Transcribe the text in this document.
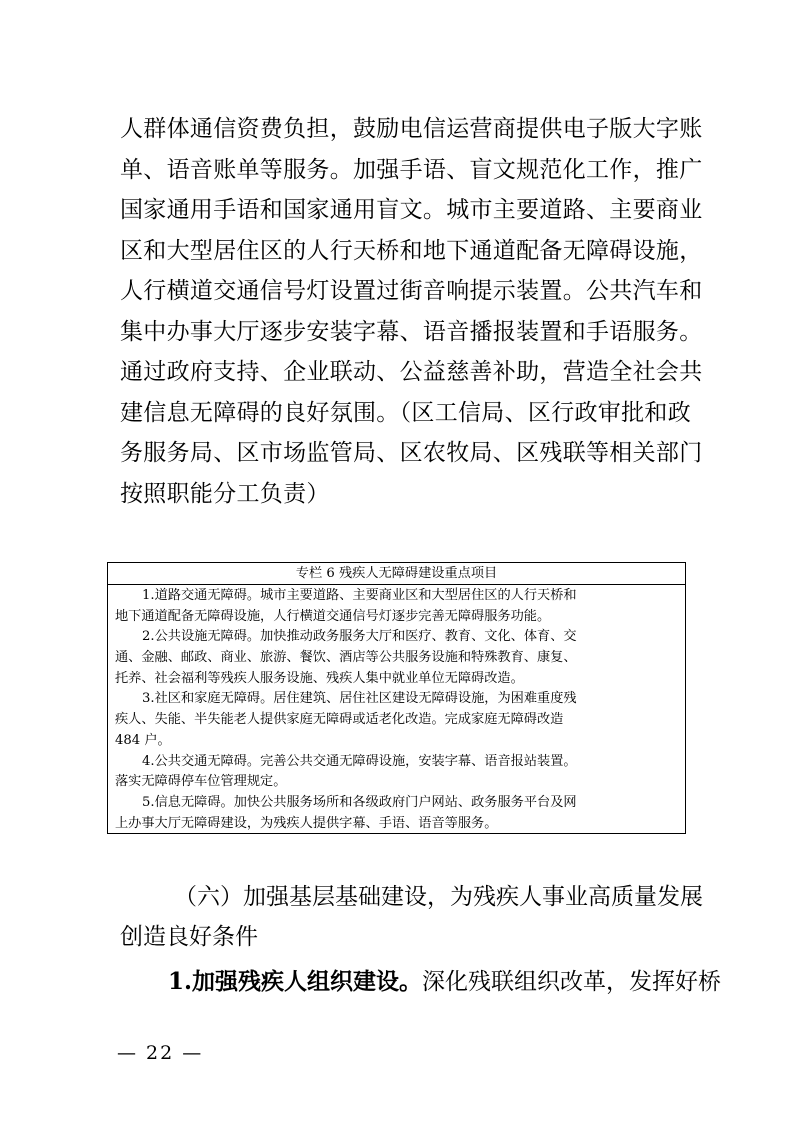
人群体通信资费负担，鼓励电信运营商提供电子版大字账
单、语音账单等服务。加强手语、盲文规范化工作，推广
国家通用手语和国家通用盲文。城市主要道路、主要商业
区和大型居住区的人行天桥和地下通道配备无障碍设施，
人行横道交通信号灯设置过街音响提示装置。公共汽车和
集中办事大厅逐步安装字幕、语音播报装置和手语服务。
通过政府支持、企业联动、公益慈善补助，营造全社会共
建信息无障碍的良好氛围。（区工信局、区行政审批和政
务服务局、区市场监管局、区农牧局、区残联等相关部门
按照职能分工负责）
专栏 6 残疾人无障碍建设重点项目
1.道路交通无障碍。城市主要道路、主要商业区和大型居住区的人行天桥和
地下通道配备无障碍设施，人行横道交通信号灯逐步完善无障碍服务功能。
2.公共设施无障碍。加快推动政务服务大厅和医疗、教育、文化、体育、交
通、金融、邮政、商业、旅游、餐饮、酒店等公共服务设施和特殊教育、康复、
托养、社会福利等残疾人服务设施、残疾人集中就业单位无障碍改造。
3.社区和家庭无障碍。居住建筑、居住社区建设无障碍设施，为困难重度残
疾人、失能、半失能老人提供家庭无障碍或适老化改造。完成家庭无障碍改造
484 户。
4.公共交通无障碍。完善公共交通无障碍设施，安装字幕、语音报站装置。
落实无障碍停车位管理规定。
5.信息无障碍。加快公共服务场所和各级政府门户网站、政务服务平台及网
上办事大厅无障碍建设，为残疾人提供字幕、手语、语音等服务。
（六）加强基层基础建设，为残疾人事业高质量发展
创造良好条件

1.加强残疾人组织建设。深化残联组织改革，发挥好桥

— 22 —
